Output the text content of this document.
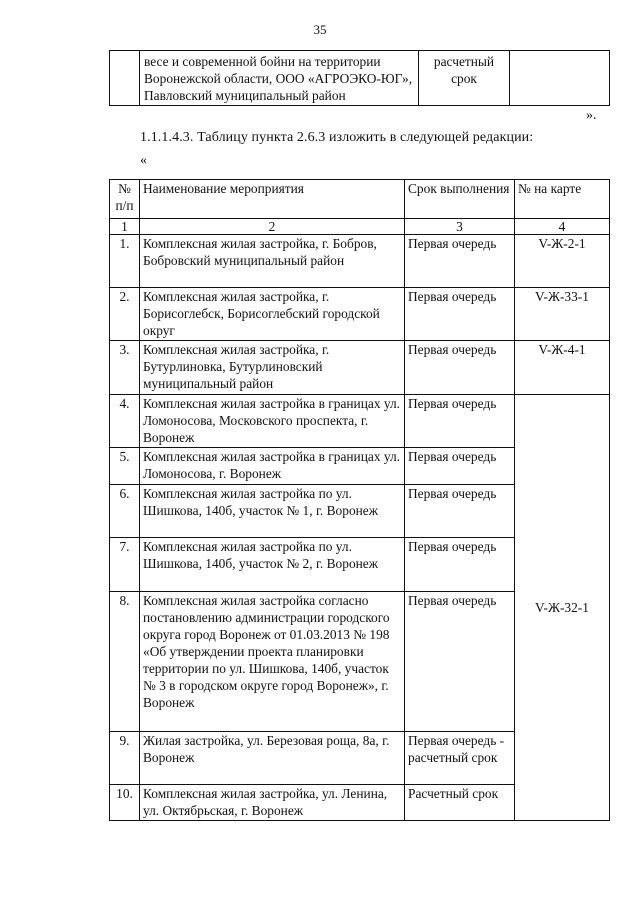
35
	весе и современной бойни на территории Воронежской области, ООО «АГРОЭКО-ЮГ», Павловский муниципальный район	расчетный срок	
».
1.1.1.4.3. Таблицу пункта 2.6.3 изложить в следующей редакции:
«
№ п/п	Наименование мероприятия	Срок выполнения	№ на карте
1	2	3	4
1.	Комплексная жилая застройка, г. Бобров, Бобровский муниципальный район	Первая очередь	V-Ж-2-1
2.	Комплексная жилая застройка, г. Борисоглебск, Борисоглебский городской округ	Первая очередь	V-Ж-33-1
3.	Комплексная жилая застройка, г. Бутурлиновка, Бутурлиновский муниципальный район	Первая очередь	V-Ж-4-1
4.	Комплексная жилая застройка в границах ул. Ломоносова, Московского проспекта, г. Воронеж	Первая очередь	V-Ж-32-1
5.	Комплексная жилая застройка в границах ул. Ломоносова, г. Воронеж	Первая очередь	
6.	Комплексная жилая застройка по ул. Шишкова, 140б, участок № 1, г. Воронеж	Первая очередь	
7.	Комплексная жилая застройка по ул. Шишкова, 140б, участок № 2, г. Воронеж	Первая очередь	
8.	Комплексная жилая застройка согласно постановлению администрации городского округа город Воронеж от 01.03.2013 № 198 «Об утверждении проекта планировки территории по ул. Шишкова, 140б, участок № 3 в городском округе город Воронеж», г. Воронеж	Первая очередь	
9.	Жилая застройка, ул. Березовая роща, 8а, г. Воронеж	Первая очередь - расчетный срок	
10.	Комплексная жилая застройка, ул. Ленина, ул. Октябрьская, г. Воронеж	Расчетный срок	
